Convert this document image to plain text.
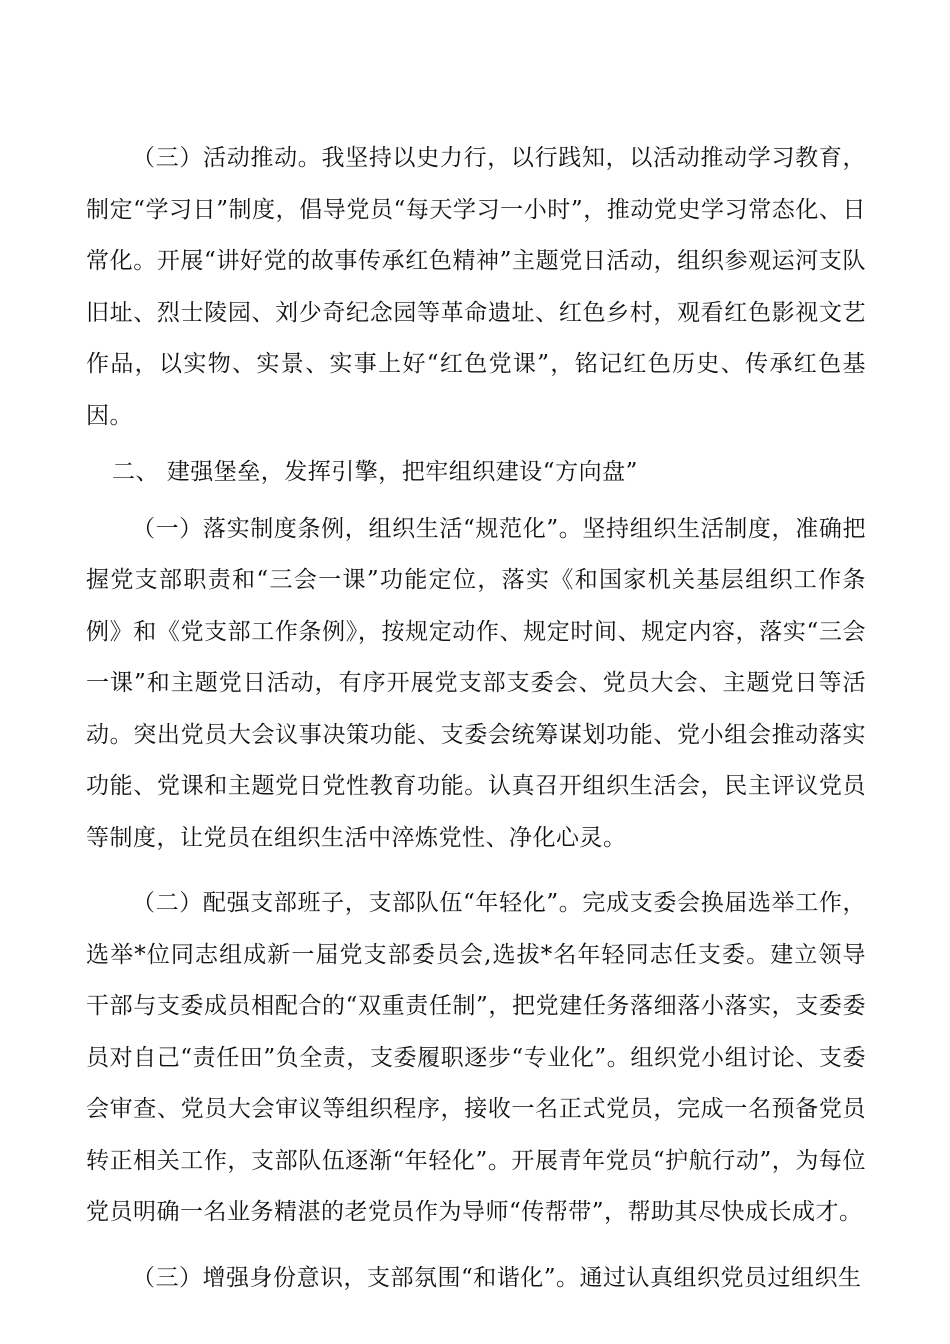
（三）活动推动。我坚持以史力行，以行践知，以活动推动学习教育，制定“学习日”制度，倡导党员“每天学习一小时”，推动党史学习常态化、日常化。开展“讲好党的故事传承红色精神”主题党日活动，组织参观运河支队旧址、烈士陵园、刘少奇纪念园等革命遗址、红色乡村，观看红色影视文艺作品，以实物、实景、实事上好“红色党课”，铭记红色历史、传承红色基因。

二、 建强堡垒，发挥引擎，把牢组织建设“方向盘”

（一）落实制度条例，组织生活“规范化”。坚持组织生活制度，准确把握党支部职责和“三会一课”功能定位，落实《和国家机关基层组织工作条例》和《党支部工作条例》，按规定动作、规定时间、规定内容，落实“三会一课”和主题党日活动，有序开展党支部支委会、党员大会、主题党日等活动。突出党员大会议事决策功能、支委会统筹谋划功能、党小组会推动落实功能、党课和主题党日党性教育功能。认真召开组织生活会，民主评议党员等制度，让党员在组织生活中淬炼党性、净化心灵。

（二）配强支部班子，支部队伍“年轻化”。完成支委会换届选举工作，选举*位同志组成新一届党支部委员会,选拔*名年轻同志任支委。建立领导干部与支委成员相配合的“双重责任制”，把党建任务落细落小落实，支委委员对自己“责任田”负全责，支委履职逐步“专业化”。组织党小组讨论、支委会审查、党员大会审议等组织程序，接收一名正式党员，完成一名预备党员转正相关工作，支部队伍逐渐“年轻化”。开展青年党员“护航行动”，为每位党员明确一名业务精湛的老党员作为导师“传帮带”，帮助其尽快成长成才。

（三）增强身份意识，支部氛围“和谐化”。通过认真组织党员过组织生
